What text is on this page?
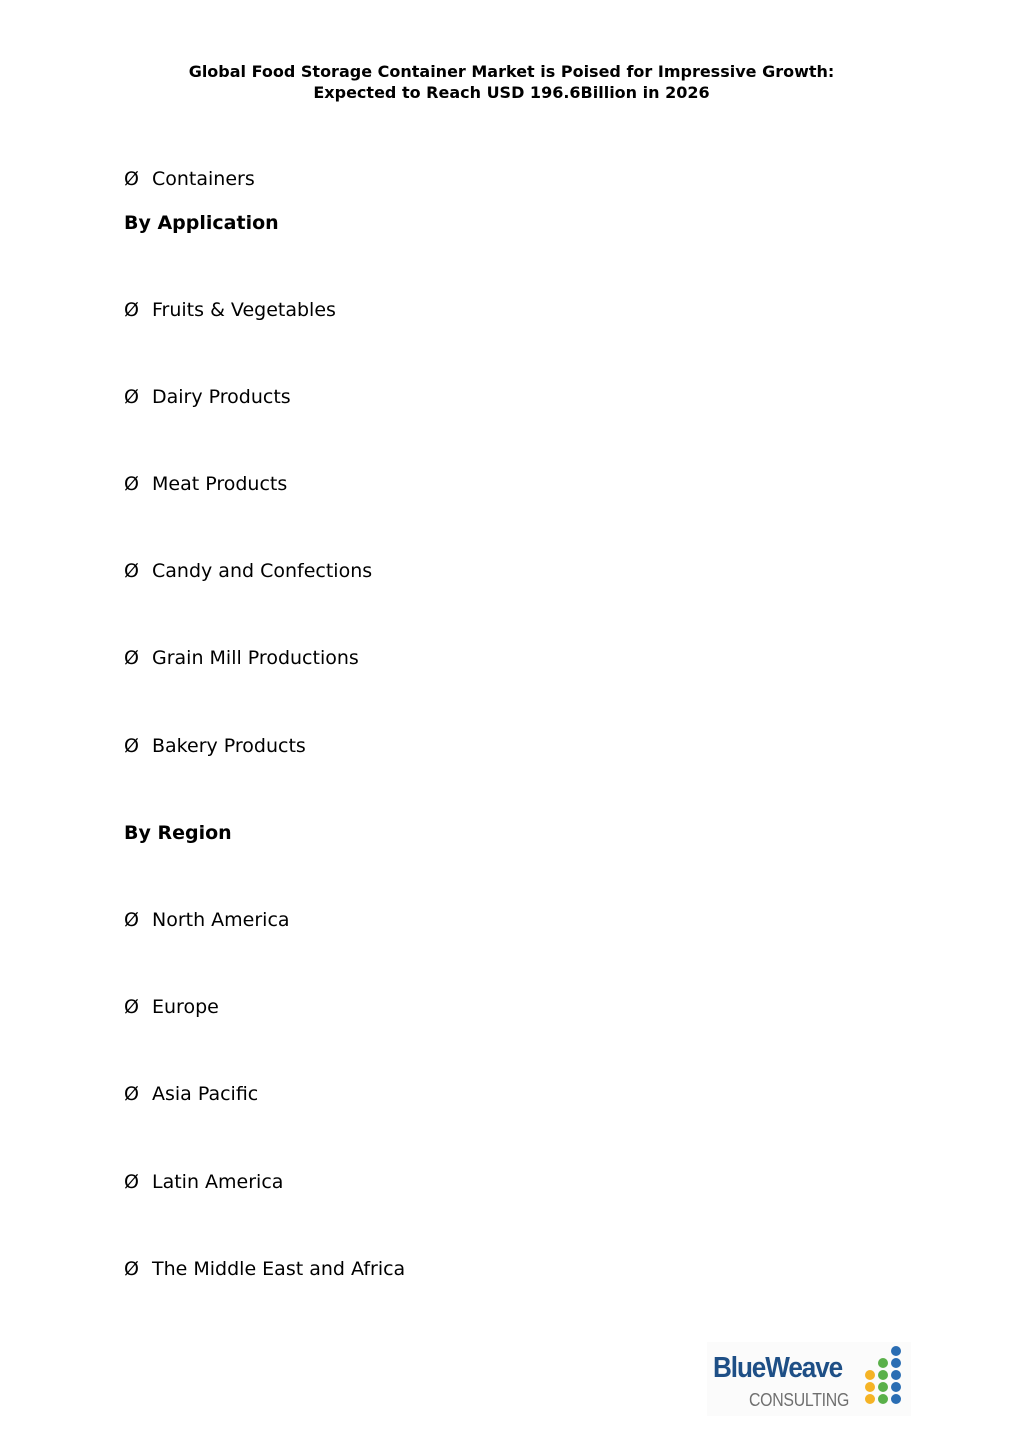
Global Food Storage Container Market is Poised for Impressive Growth:
Expected to Reach USD 196.6Billion in 2026
Ø Containers
By Application
Ø Fruits & Vegetables
Ø Dairy Products
Ø Meat Products
Ø Candy and Confections
Ø Grain Mill Productions
Ø Bakery Products
By Region
Ø North America
Ø Europe
Ø Asia Pacific
Ø Latin America
Ø The Middle East and Africa
BlueWeave
CONSULTING
